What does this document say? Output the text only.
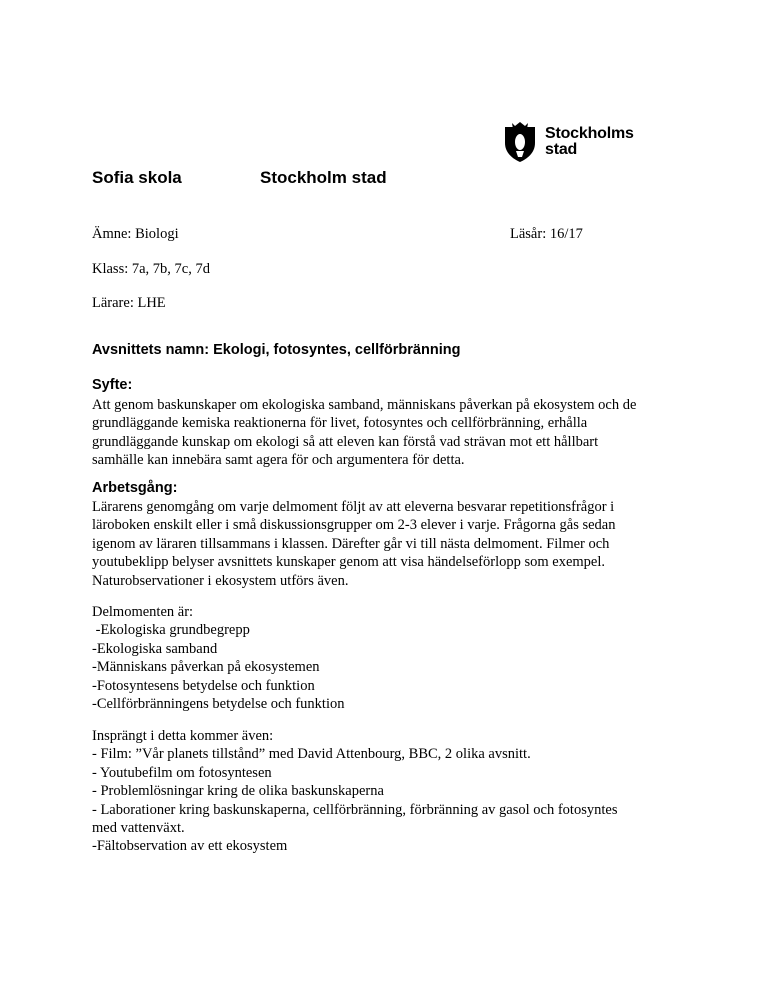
Stockholms
stad
Sofia skola	Stockholm stad
Ämne: Biologi	Läsår: 16/17
Klass: 7a, 7b, 7c, 7d
Lärare: LHE
Avsnittets namn: Ekologi, fotosyntes, cellförbränning
Syfte:
Att genom baskunskaper om ekologiska samband, människans påverkan på ekosystem och de
grundläggande kemiska reaktionerna för livet, fotosyntes och cellförbränning, erhålla
grundläggande kunskap om ekologi så att eleven kan förstå vad strävan mot ett hållbart
samhälle kan innebära samt agera för och argumentera för detta.
Arbetsgång:
Lärarens genomgång om varje delmoment följt av att eleverna besvarar repetitionsfrågor i
läroboken enskilt eller i små diskussionsgrupper om 2-3 elever i varje. Frågorna gås sedan
igenom av läraren tillsammans i klassen. Därefter går vi till nästa delmoment. Filmer och
youtubeklipp belyser avsnittets kunskaper genom att visa händelseförlopp som exempel.
Naturobservationer i ekosystem utförs även.
Delmomenten är:
-Ekologiska grundbegrepp
-Ekologiska samband
-Människans påverkan på ekosystemen
-Fotosyntesens betydelse och funktion
-Cellförbränningens betydelse och funktion
Insprängt i detta kommer även:
- Film: ”Vår planets tillstånd” med David Attenbourg, BBC, 2 olika avsnitt.
- Youtubefilm om fotosyntesen
- Problemlösningar kring de olika baskunskaperna
- Laborationer kring baskunskaperna, cellförbränning, förbränning av gasol och fotosyntes
med vattenväxt.
-Fältobservation av ett ekosystem
